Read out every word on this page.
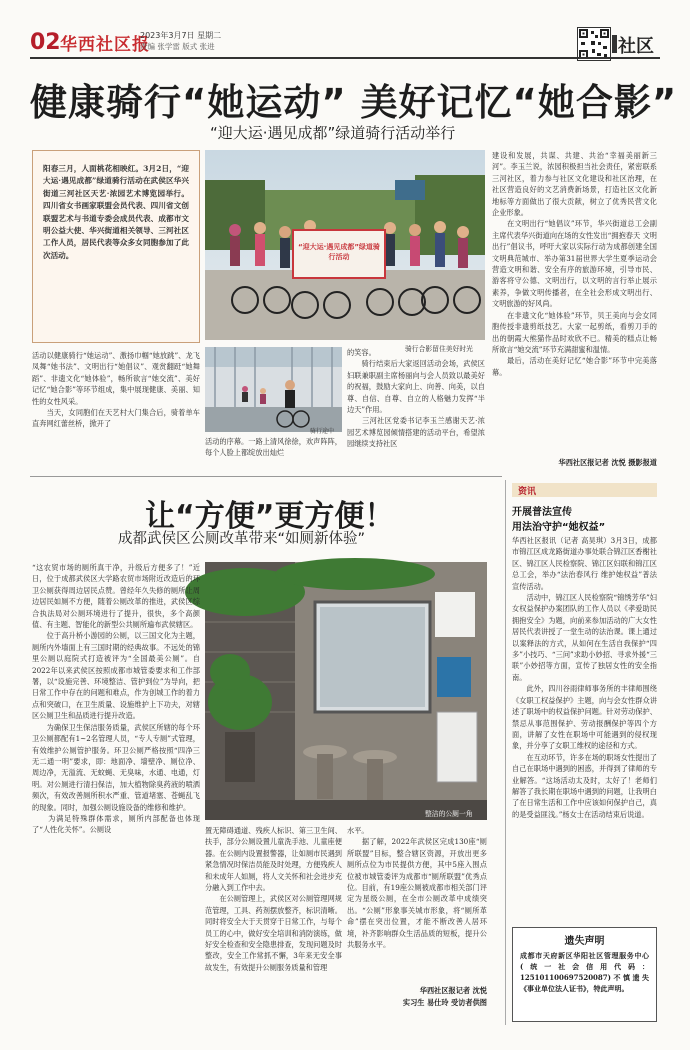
02 华西社区报
2023年3月7日 星期二
责编 张学雷 版式 张进	社区
健康骑行“她运动” 美好记忆“她合影”
“迎大运·遇见成都”绿道骑行活动举行
阳春三月，人面桃花相映红。3月2日，“迎大运·遇见成都”绿道骑行活动在武侯区华兴街道三河社区天艺·浓园艺术博览园举行。四川省女书画家联盟会员代表、四川省文创联盟艺术与书道专委会成员代表、成都市文明公益大使、华兴街道相关领导、三河社区工作人员，居民代表等众多女同胞参加了此次活动。
“迎大运·遇见成都”绿道骑行活动
骑行合影留住美好时光
骑行途中
活动以健康骑行“她运动”、激扬巾帼“她放跳”、龙飞凤舞“她书法”、文明出行“她倡议”、观赏翻跹“她舞蹈”、非遗文化“她体验”，畅所欲言“她交流”、美好记忆“她合影”等环节组成，集中展现健康、美丽、知性的女性风采。
　　当天，女同胞们在天艺村大门集合后，骑着单车直奔网红蕾丝桥，掀开了
活动的序幕。一路上清风徐徐，欢声阵阵，每个人脸上都绽放出灿烂
的笑容。
　　骑行结束后大家返回活动会场，武侯区妇联兼职副主席杨丽向与会人员致以最美好的祝福，鼓励大家向上、向善、向美，以自尊、自信、自尊、自立的人格魅力发挥“半边天”作用。
　　三河社区党委书记李玉兰感谢天艺·浓园艺术博览园倾情搭建的活动平台，希望浓园继续支持社区
建设和发展，共谋、共建、共治“幸福美丽新三河”。李玉兰说，浓园积极担当社会责任，紧密联系三河社区，着力参与社区文化建设和社区治理，在社区营造良好的文艺消费新场景，打造社区文化新地标等方面做出了很大贡献，树立了优秀民营文化企业形象。
　　在文明出行“她倡议”环节，华兴街道总工会副主席代表华兴街道向在场的女性发出“拥抱春天 文明出行”倡议书，呼吁大家以实际行动为成都创建全国文明典范城市、举办第31届世界大学生夏季运动会营造文明和谐、安全有序的旅游环境，引导市民、游客将守公德、文明出行，以文明的言行举止展示素养，争做文明传播者，在全社会形成文明出行、文明旅游的好风尚。
　　在非遗文化“她体验”环节，贝王美向与会女同胞传授非遗剪纸技艺。大家一起剪纸，看剪刀手的出的朝霞大熊猫作品时欢欣不已。精美的糕点让畅所欲言“她交流”环节充满甜蜜和温情。
　　最后，活动在美好记忆“她合影”环节中完美落幕。
华西社区报记者 沈悦 摄影报道
让“方便”更方便！
成都武侯区公厕改革带来“如厕新体验”
整洁的公厕一角
“这农贸市场的厕所真干净，升级后方便多了！”近日，位于成都武侯区大学路农贸市场附近改造后的环卫公厕获得周边居民点赞。曾经年久失修的厕所让周边居民如厕不方便，随着公厕改革的推进，武侯区综合执法局对公厕环境进行了提升，很快，多个高颜值、有主题、智能化的新型公共厕所遍布武侯辖区。
　　位于高升桥小游园的公厕，以三国文化为主题，厕所内外墙面上有三国时期的经典故事。不远处的锦里公厕以庭院式打造被评为“全国最美公厕”。自2022年以来武侯区按照成都市城管委要求和工作部署，以“设施完善、环境整洁、管护到位”为导向，把日常工作中存在的问题和难点，作为创城工作的着力点和突破口，在卫生质量、设施维护上下功夫，对辖区公厕卫生和品质进行提升改造。
　　为确保卫生保洁服务质量，武侯区所辖的每个环卫公厕都配有1~2名管理人员，“专人专厕”式管理，有效维护公厕管护服务。环卫公厕严格按照“四净三无二通一明”要求，即：地面净、墙壁净、厕位净、周边净，无溢流、无蚊蝇、无臭味，水通、电通，灯明。对公厕进行清扫保洁，加大植物除臭药液的喷洒频次，有效改善厕所积水严重、管道堵塞、苍蝇乱飞的现象。同时，加强公厕设施设备的维修和维护。
　　为满足特殊群体需求，厕所内部配备也体现了“人性化关怀”。公厕设	置无障碍通道、残疾人标识、第三卫生间、扶手，部分公厕设置儿童洗手池、儿童座便器。在公厕内设置报警器，让如厕市民遇到紧急情况时保洁员能及时处理，方便残疾人和未成年人如厕，将人文关怀和社会进步充分融入到工作中去。
　　在公厕管理上，武侯区对公厕管理网规范管理，工具、药剂摆放整齐，标识清晰。同时将安全大于天贯穿于日常工作，与每个员工的心中，做好安全培训和消防演练，做好安全检查和安全隐患排查，发现问题及时整改，安全工作常抓不懈，3年来无安全事故发生，有效提升公厕服务质量和管理
水平。
　　据了解，2022年武侯区完成130座“厕所联盟”目标，整合辖区资源，开放出更多厕所点位为市民提供方便，其中5座入围点位被市城管委评为成都市“厕所联盟”优秀点位。目前，有19座公厕被成都市相关部门评定为星级公厕，在全市公厕改革中成绩突出。“公厕”形象事关城市形象，将“厕所革命”摆在突出位置，才能不断改善人居环境，补齐影响群众生活品质的短板，提升公共服务水平。
华西社区报记者 沈悦
实习生 易仕玲 受访者供图
资讯
开展普法宣传
用法治守护“她权益”
华西社区报讯（记者 高昊琪）3月3日，成都市锦江区成龙路街道办事处联合锦江区香榭社区、锦江区人民检察院、锦江区妇联和锦江区总工会，举办“法治春风行 维护她权益”普法宣传活动。
　　活动中，锦江区人民检察院“锦绣芳华”妇女权益保护办案团队的工作人员以《孝爱助民 拥抱安全》为题，向前来参加活动的广大女性居民代表讲授了一堂生动的法治课。课上通过以案释法的方式，从如何在生活自我保护“四多”小技巧、“三问”求助小妙招、寻求外援“三联”小妙招等方面，宣传了独居女性的安全指南。
　　此外，四川谷雨律师事务所的丰律师围绕《女职工权益保护》主题，向与会女性群众讲述了职场中的权益保护问题。针对劳动保护、禁忌从事范围保护、劳动报酬保护等四个方面，讲解了女性在职场中可能遇到的侵权现象，并分享了女职工维权的途径和方式。
　　在互动环节，许多在场的职场女性提出了自己在职场中遇到的困惑，并得到了律师的专业解答。“这场活动太及时，太好了！老师们解答了我长期在职场中遇到的问题，让我明白了在日常生活和工作中应该如何保护自己，真的是受益匪浅。”杨女士在活动结束后说道。
遗失声明

成都市天府新区华阳社区管理服务中心(统一社会信用代码：125101100697520087)不慎遗失《事业单位法人证书》，特此声明。
